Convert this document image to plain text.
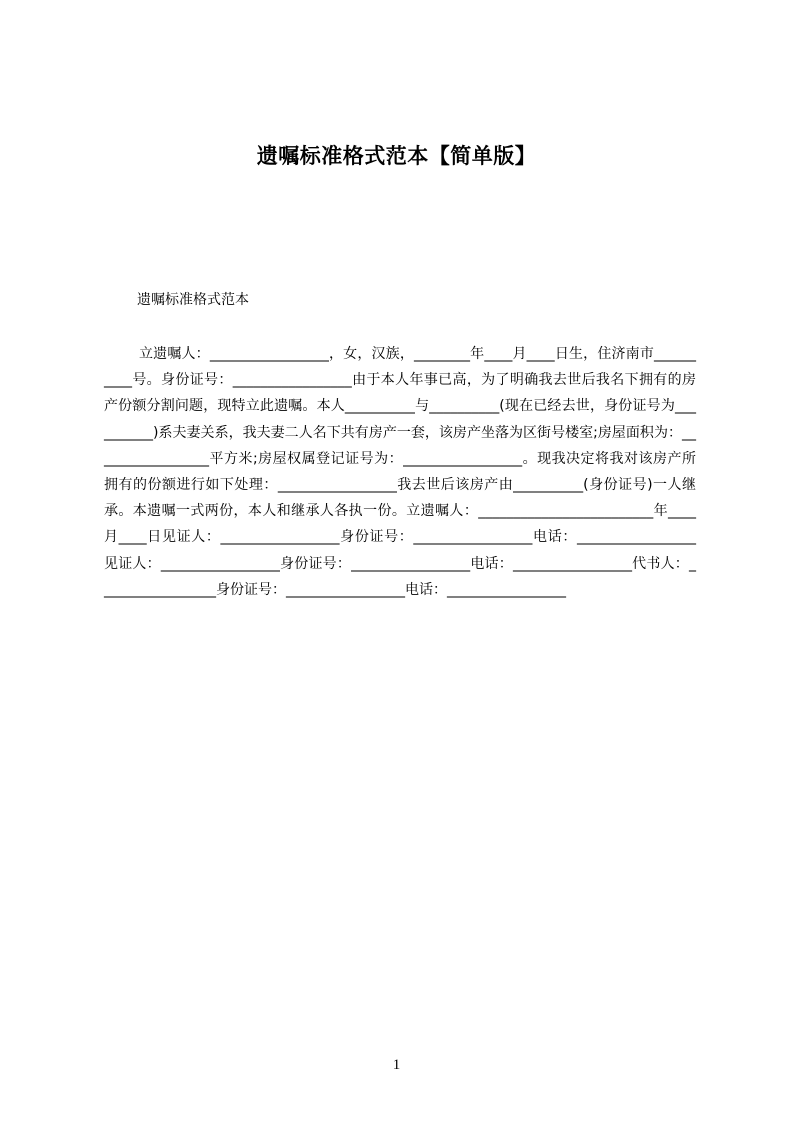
遗嘱标准格式范本【简单版】
遗嘱标准格式范本
立遗嘱人：_________________，女，汉族，________年____月____日生，住济南市__________号。身份证号：_________________由于本人年事已高，为了明确我去世后我名下拥有的房产份额分割问题，现特立此遗嘱。本人__________与__________(现在已经去世，身份证号为__________)系夫妻关系，我夫妻二人名下共有房产一套，该房产坐落为区街号楼室;房屋面积为：_________________平方米;房屋权属登记证号为：_________________。现我决定将我对该房产所拥有的份额进行如下处理：_________________我去世后该房产由__________(身份证号)一人继承。本遗嘱一式两份，本人和继承人各执一份。立遗嘱人：_________________________年____月____日见证人：_________________身份证号：_________________电话：_________________见证人：_________________身份证号：_________________电话：_________________代书人：_________________身份证号：_________________电话：_________________
1
